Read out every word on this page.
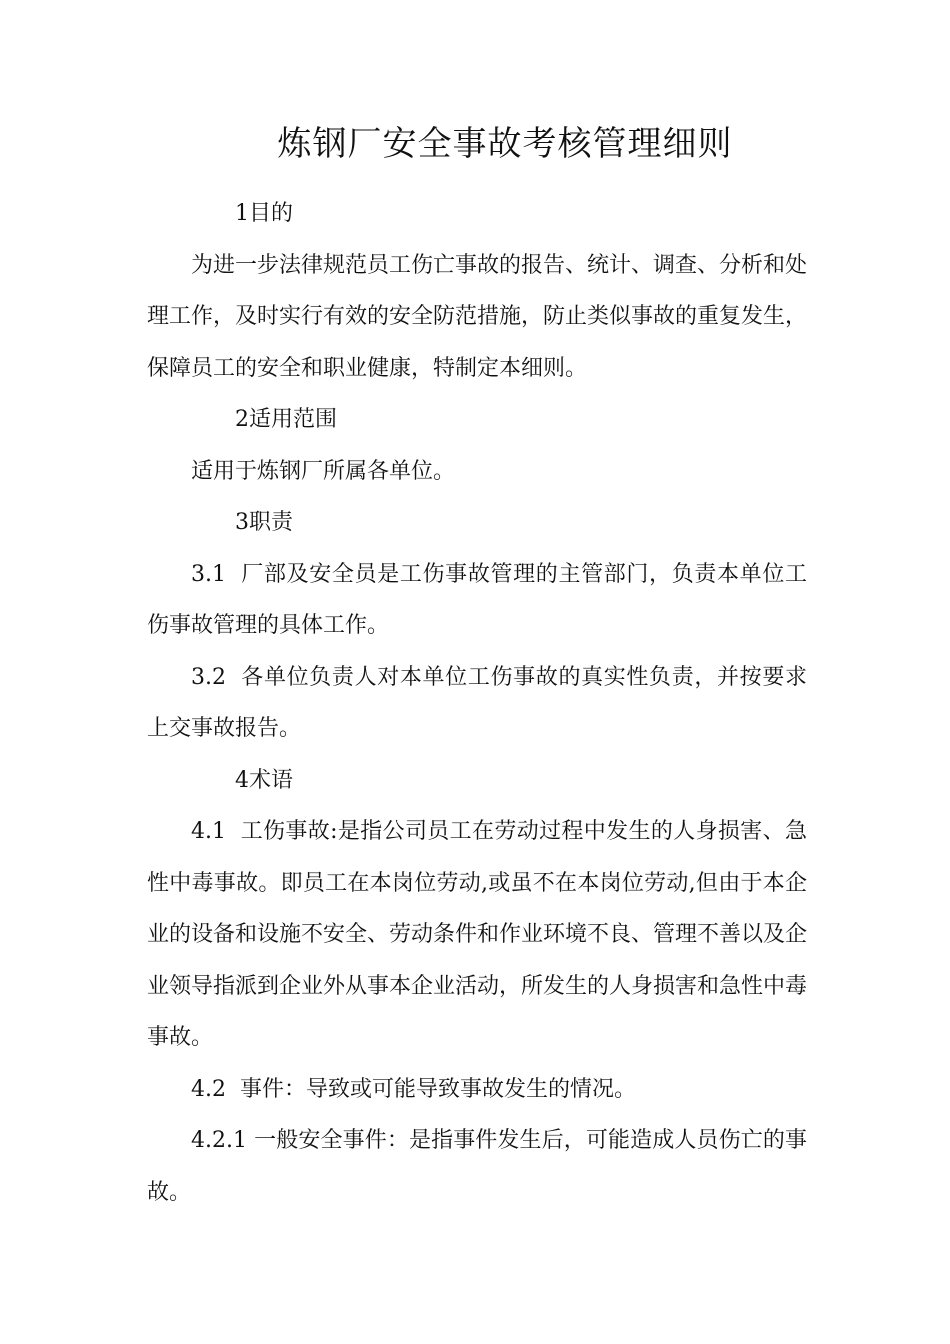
炼钢厂安全事故考核管理细则

1目的

为进一步法律规范员工伤亡事故的报告、统计、调查、分析和处理工作，及时实行有效的安全防范措施，防止类似事故的重复发生，保障员工的安全和职业健康，特制定本细则。

2适用范围

适用于炼钢厂所属各单位。

3职责

3.1 厂部及安全员是工伤事故管理的主管部门，负责本单位工伤事故管理的具体工作。

3.2 各单位负责人对本单位工伤事故的真实性负责，并按要求上交事故报告。

4术语

4.1 工伤事故:是指公司员工在劳动过程中发生的人身损害、急性中毒事故。即员工在本岗位劳动,或虽不在本岗位劳动,但由于本企业的设备和设施不安全、劳动条件和作业环境不良、管理不善以及企业领导指派到企业外从事本企业活动，所发生的人身损害和急性中毒事故。

4.2 事件：导致或可能导致事故发生的情况。

4.2.1 一般安全事件：是指事件发生后，可能造成人员伤亡的事故。
